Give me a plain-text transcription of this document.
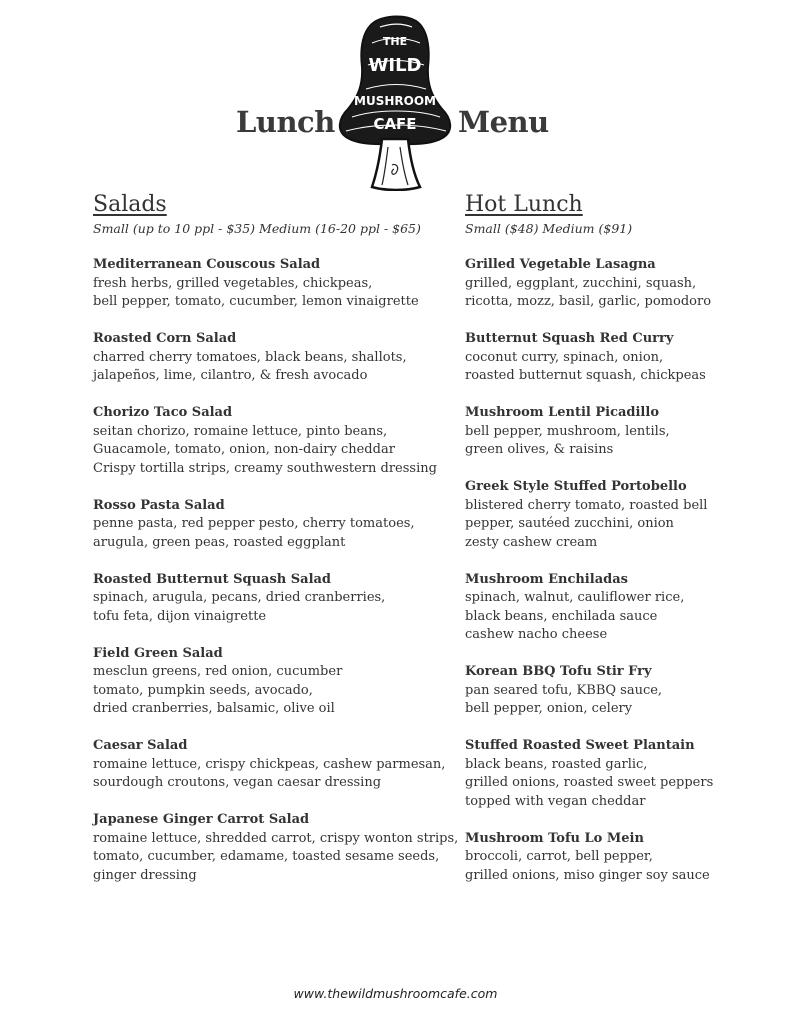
Lunch
THE
WILD
MUSHROOM
CAFE Menu
Salads
Small (up to 10 ppl - $35) Medium (16-20 ppl - $65)
Mediterranean Couscous Salad
fresh herbs, grilled vegetables, chickpeas,
bell pepper, tomato, cucumber, lemon vinaigrette
Roasted Corn Salad
charred cherry tomatoes, black beans, shallots,
jalapeños, lime, cilantro, & fresh avocado
Chorizo Taco Salad
seitan chorizo, romaine lettuce, pinto beans,
Guacamole, tomato, onion, non-dairy cheddar
Crispy tortilla strips, creamy southwestern dressing
Rosso Pasta Salad
penne pasta, red pepper pesto, cherry tomatoes,
arugula, green peas, roasted eggplant
Roasted Butternut Squash Salad
spinach, arugula, pecans, dried cranberries,
tofu feta, dijon vinaigrette
Field Green Salad
mesclun greens, red onion, cucumber
tomato, pumpkin seeds, avocado,
dried cranberries, balsamic, olive oil
Caesar Salad
romaine lettuce, crispy chickpeas, cashew parmesan,
sourdough croutons, vegan caesar dressing
Japanese Ginger Carrot Salad
romaine lettuce, shredded carrot, crispy wonton strips,
tomato, cucumber, edamame, toasted sesame seeds,
ginger dressing
Hot Lunch
Small ($48) Medium ($91)
Grilled Vegetable Lasagna
grilled, eggplant, zucchini, squash,
ricotta, mozz, basil, garlic, pomodoro
Butternut Squash Red Curry
coconut curry, spinach, onion,
roasted butternut squash, chickpeas
Mushroom Lentil Picadillo
bell pepper, mushroom, lentils,
green olives, & raisins
Greek Style Stuffed Portobello
blistered cherry tomato, roasted bell
pepper, sautéed zucchini, onion
zesty cashew cream
Mushroom Enchiladas
spinach, walnut, cauliflower rice,
black beans, enchilada sauce
cashew nacho cheese
Korean BBQ Tofu Stir Fry
pan seared tofu, KBBQ sauce,
bell pepper, onion, celery
Stuffed Roasted Sweet Plantain
black beans, roasted garlic,
grilled onions, roasted sweet peppers
topped with vegan cheddar
Mushroom Tofu Lo Mein
broccoli, carrot, bell pepper,
grilled onions, miso ginger soy sauce
www.thewildmushroomcafe.com
